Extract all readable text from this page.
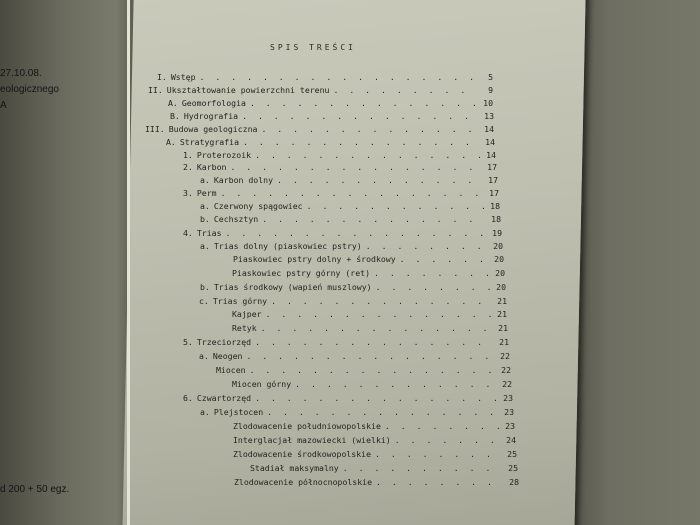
27.10.08.
eologicznego
A
d 200 + 50 egz.
SPIS TREŚCI
I. Wstęp . . .	5
II. Ukształtowanie powierzchni terenu . . .	9
A. Geomorfologia . . .	10
B. Hydrografia . . .	13
III. Budowa geologiczna . . .	14
A. Stratygrafia . . .	14
1. Proterozoik . . .	14
2. Karbon . . .	17
a. Karbon dolny . . .	17
3. Perm . . .	17
a. Czerwony spągowiec . . .	18
b. Cechsztyn . . .	18
4. Trias . . .	19
a. Trias dolny (piaskowiec pstry) . . .	20
Piaskowiec pstry dolny + środkowy . . .	20
Piaskowiec pstry górny (ret) . . .	20
b. Trias środkowy (wapień muszlowy) . . .	20
c. Trias górny . . .	21
Kajper . . .	21
Retyk . . .	21
5. Trzeciorzęd . . .	21
a. Neogen . . .	22
Miocen . . .	22
Miocen górny . . .	22
6. Czwartorzęd . . .	23
a. Plejstocen . . .	23
Zlodowacenie południowopolskie . . .	23
Interglacjał mazowiecki (wielki) . . .	24
Zlodowacenie środkowopolskie . . .	25
Stadiał maksymalny . . .	25
Zlodowacenie północnopolskie . . .	28
